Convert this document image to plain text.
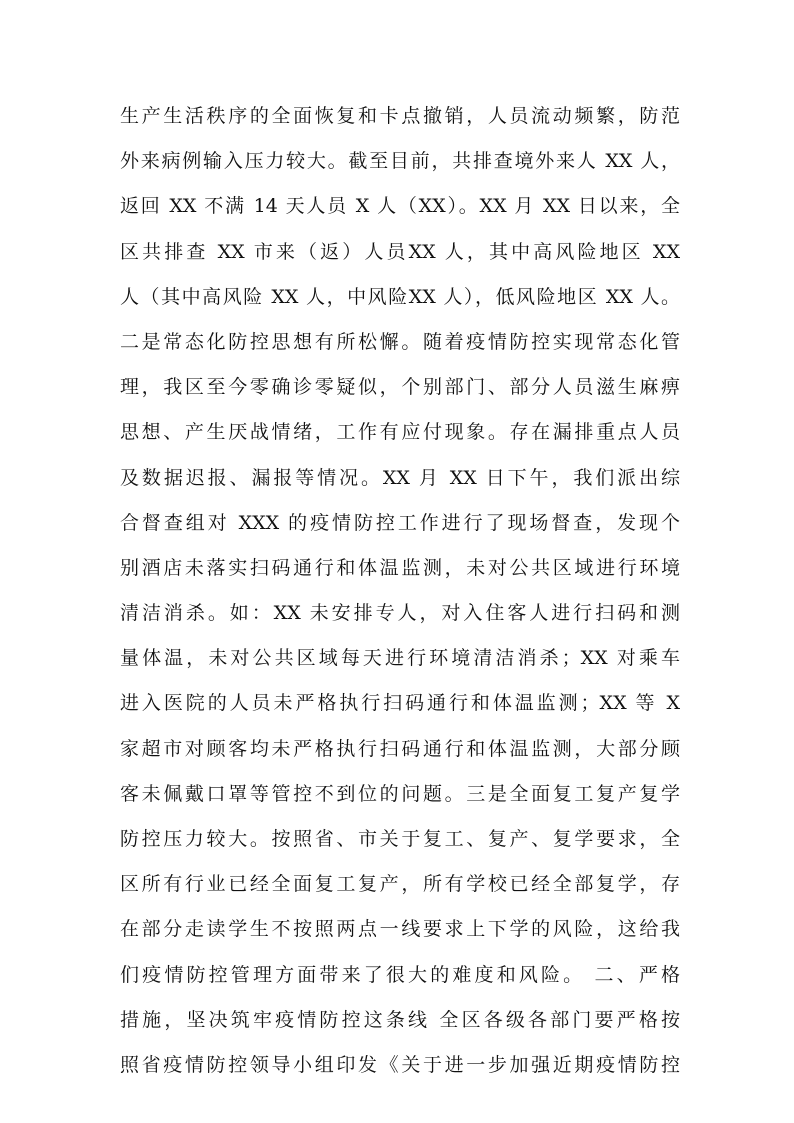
生产生活秩序的全面恢复和卡点撤销，人员流动频繁，防范
外来病例输入压力较大。截至目前，共排查境外来人 XX 人，
返回 XX 不满 14 天人员 X 人（XX）。XX 月 XX 日以来，全
区共排查 XX 市来（返）人员XX 人，其中高风险地区 XX
人（其中高风险 XX 人，中风险XX 人），低风险地区 XX 人。
二是常态化防控思想有所松懈。随着疫情防控实现常态化管
理，我区至今零确诊零疑似，个别部门、部分人员滋生麻痹
思想、产生厌战情绪，工作有应付现象。存在漏排重点人员
及数据迟报、漏报等情况。XX 月 XX 日下午，我们派出综
合督查组对 XXX 的疫情防控工作进行了现场督查，发现个
别酒店未落实扫码通行和体温监测，未对公共区域进行环境
清洁消杀。如：XX 未安排专人，对入住客人进行扫码和测
量体温，未对公共区域每天进行环境清洁消杀；XX 对乘车
进入医院的人员未严格执行扫码通行和体温监测；XX 等 X
家超市对顾客均未严格执行扫码通行和体温监测，大部分顾
客未佩戴口罩等管控不到位的问题。三是全面复工复产复学
防控压力较大。按照省、市关于复工、复产、复学要求，全
区所有行业已经全面复工复产，所有学校已经全部复学，存
在部分走读学生不按照两点一线要求上下学的风险，这给我
们疫情防控管理方面带来了很大的难度和风险。 二、严格
措施，坚决筑牢疫情防控这条线 全区各级各部门要严格按
照省疫情防控领导小组印发《关于进一步加强近期疫情防控
